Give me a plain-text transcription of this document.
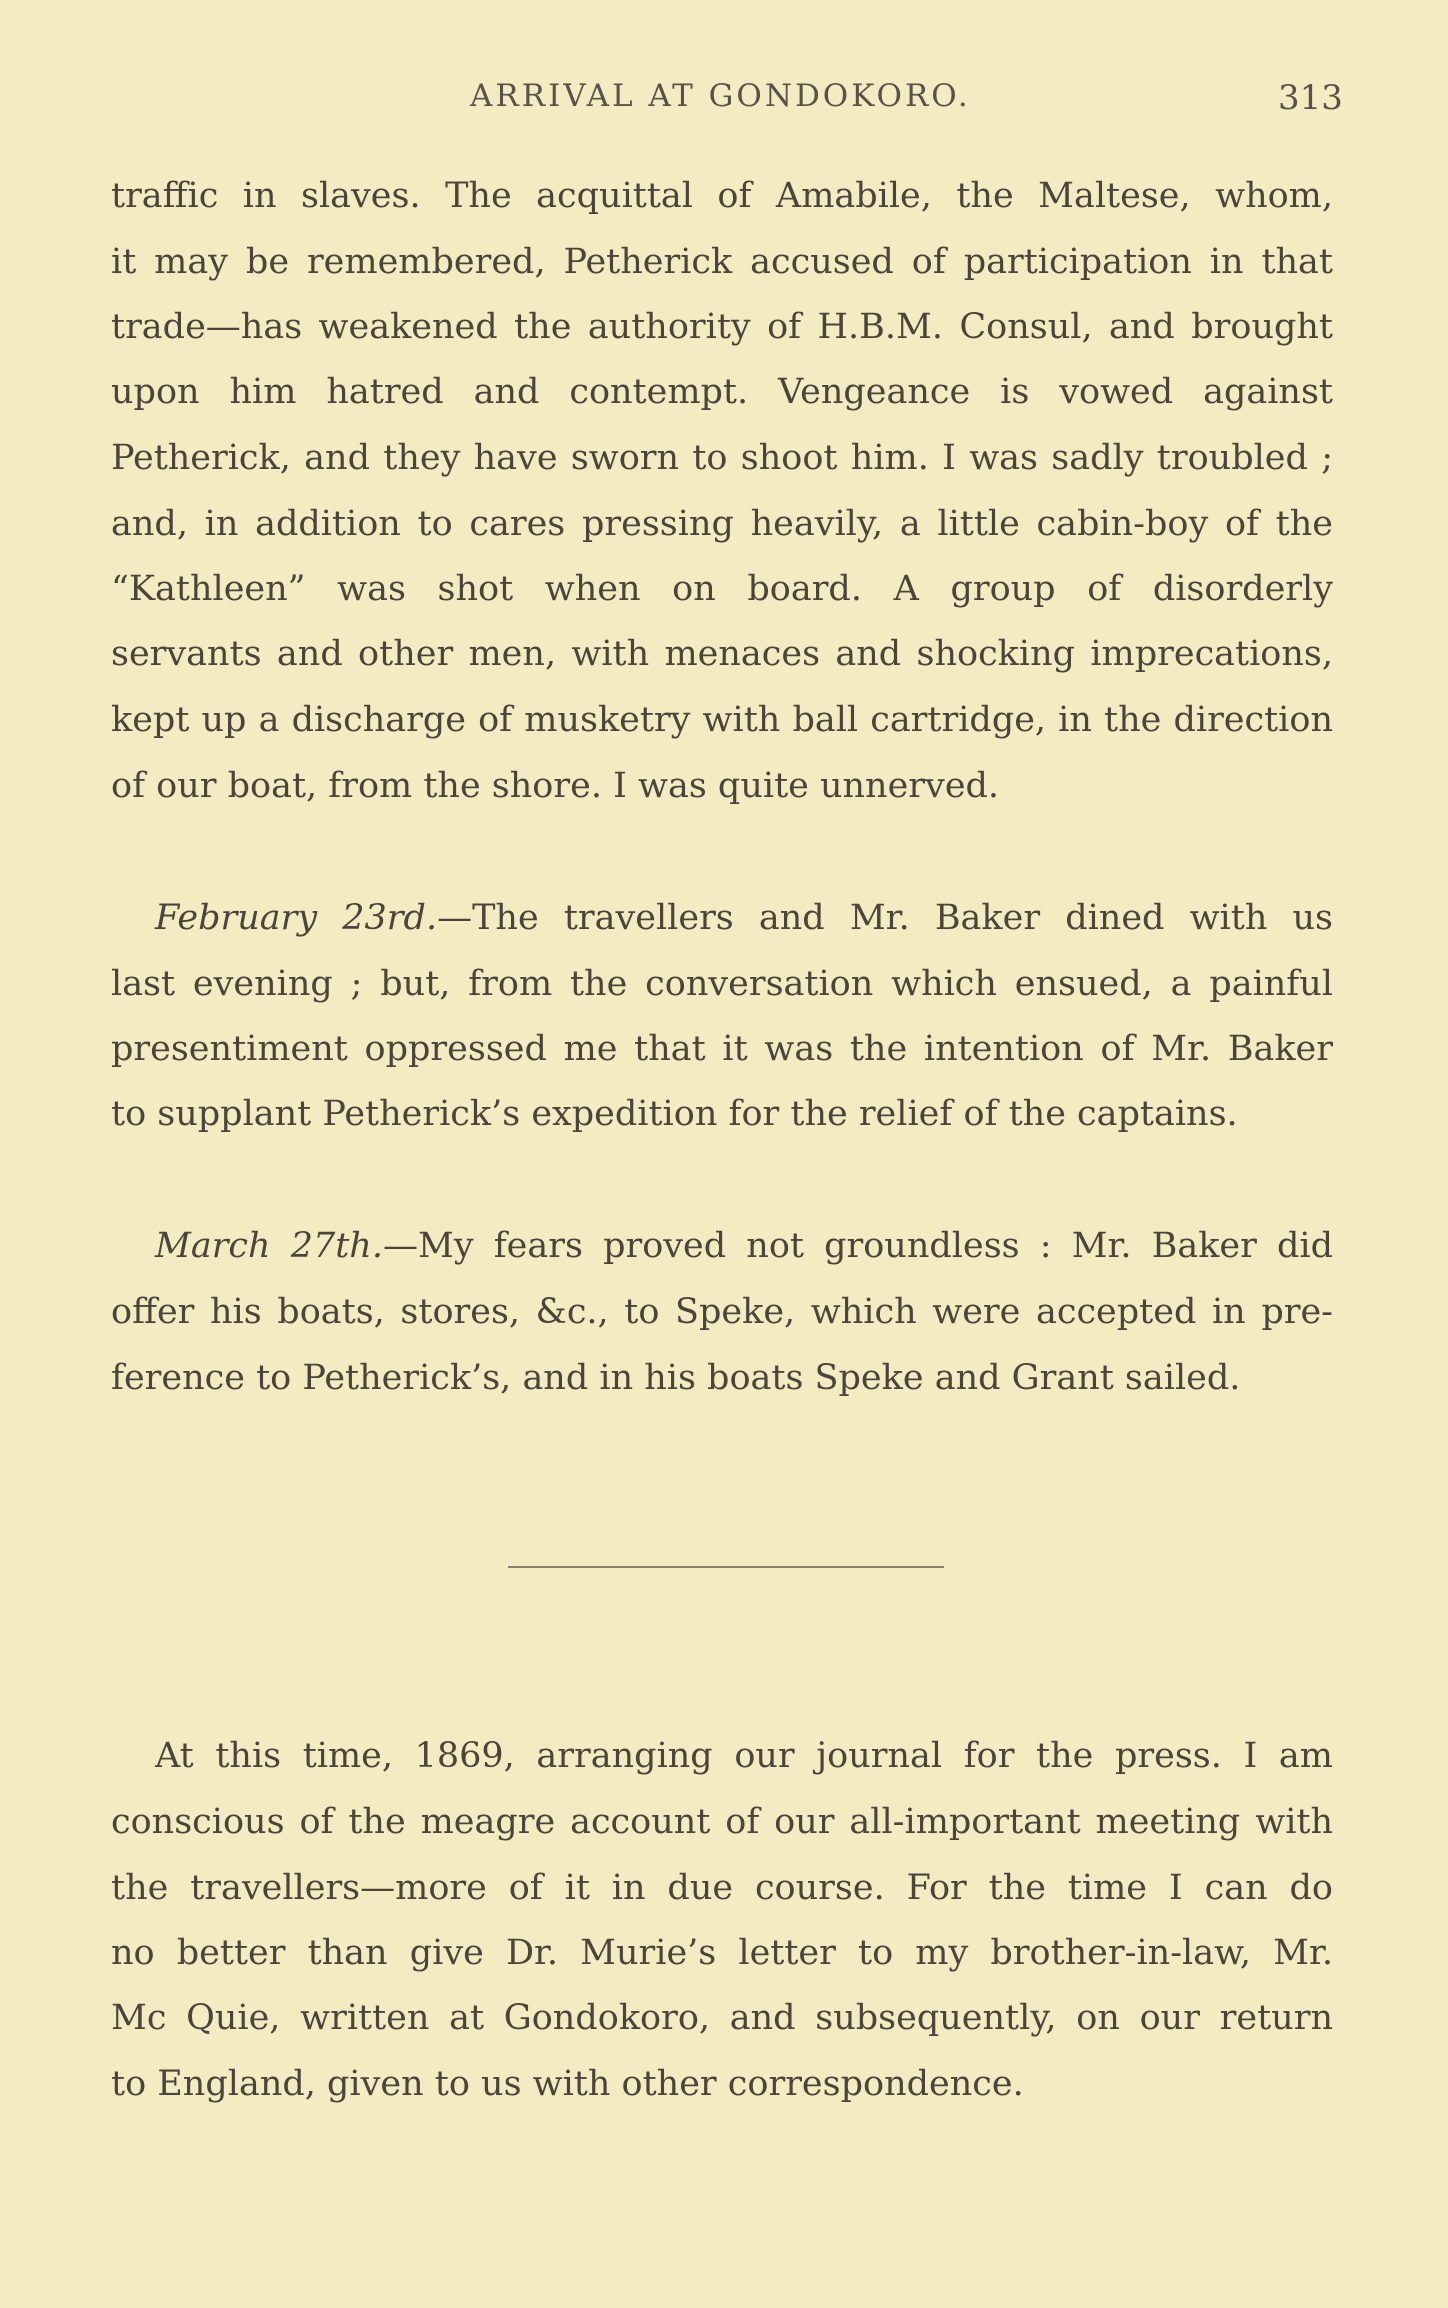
ARRIVAL AT GONDOKORO.	313
traffic in slaves. The acquittal of Amabile, the Maltese, whom,
it may be remembered, Petherick accused of participation in that
trade—has weakened the authority of H.B.M. Consul, and brought
upon him hatred and contempt. Vengeance is vowed against
Petherick, and they have sworn to shoot him. I was sadly troubled ;
and, in addition to cares pressing heavily, a little cabin-boy of the
“Kathleen” was shot when on board. A group of disorderly
servants and other men, with menaces and shocking imprecations,
kept up a discharge of musketry with ball cartridge, in the direction
of our boat, from the shore. I was quite unnerved.
February 23rd.—The travellers and Mr. Baker dined with us
last evening ; but, from the conversation which ensued, a painful
presentiment oppressed me that it was the intention of Mr. Baker
to supplant Petherick’s expedition for the relief of the captains.
March 27th.—My fears proved not groundless : Mr. Baker did
offer his boats, stores, &c., to Speke, which were accepted in pre-
ference to Petherick’s, and in his boats Speke and Grant sailed.
At this time, 1869, arranging our journal for the press. I am
conscious of the meagre account of our all-important meeting with
the travellers—more of it in due course. For the time I can do
no better than give Dr. Murie’s letter to my brother-in-law, Mr.
Mc Quie, written at Gondokoro, and subsequently, on our return
to England, given to us with other correspondence.
